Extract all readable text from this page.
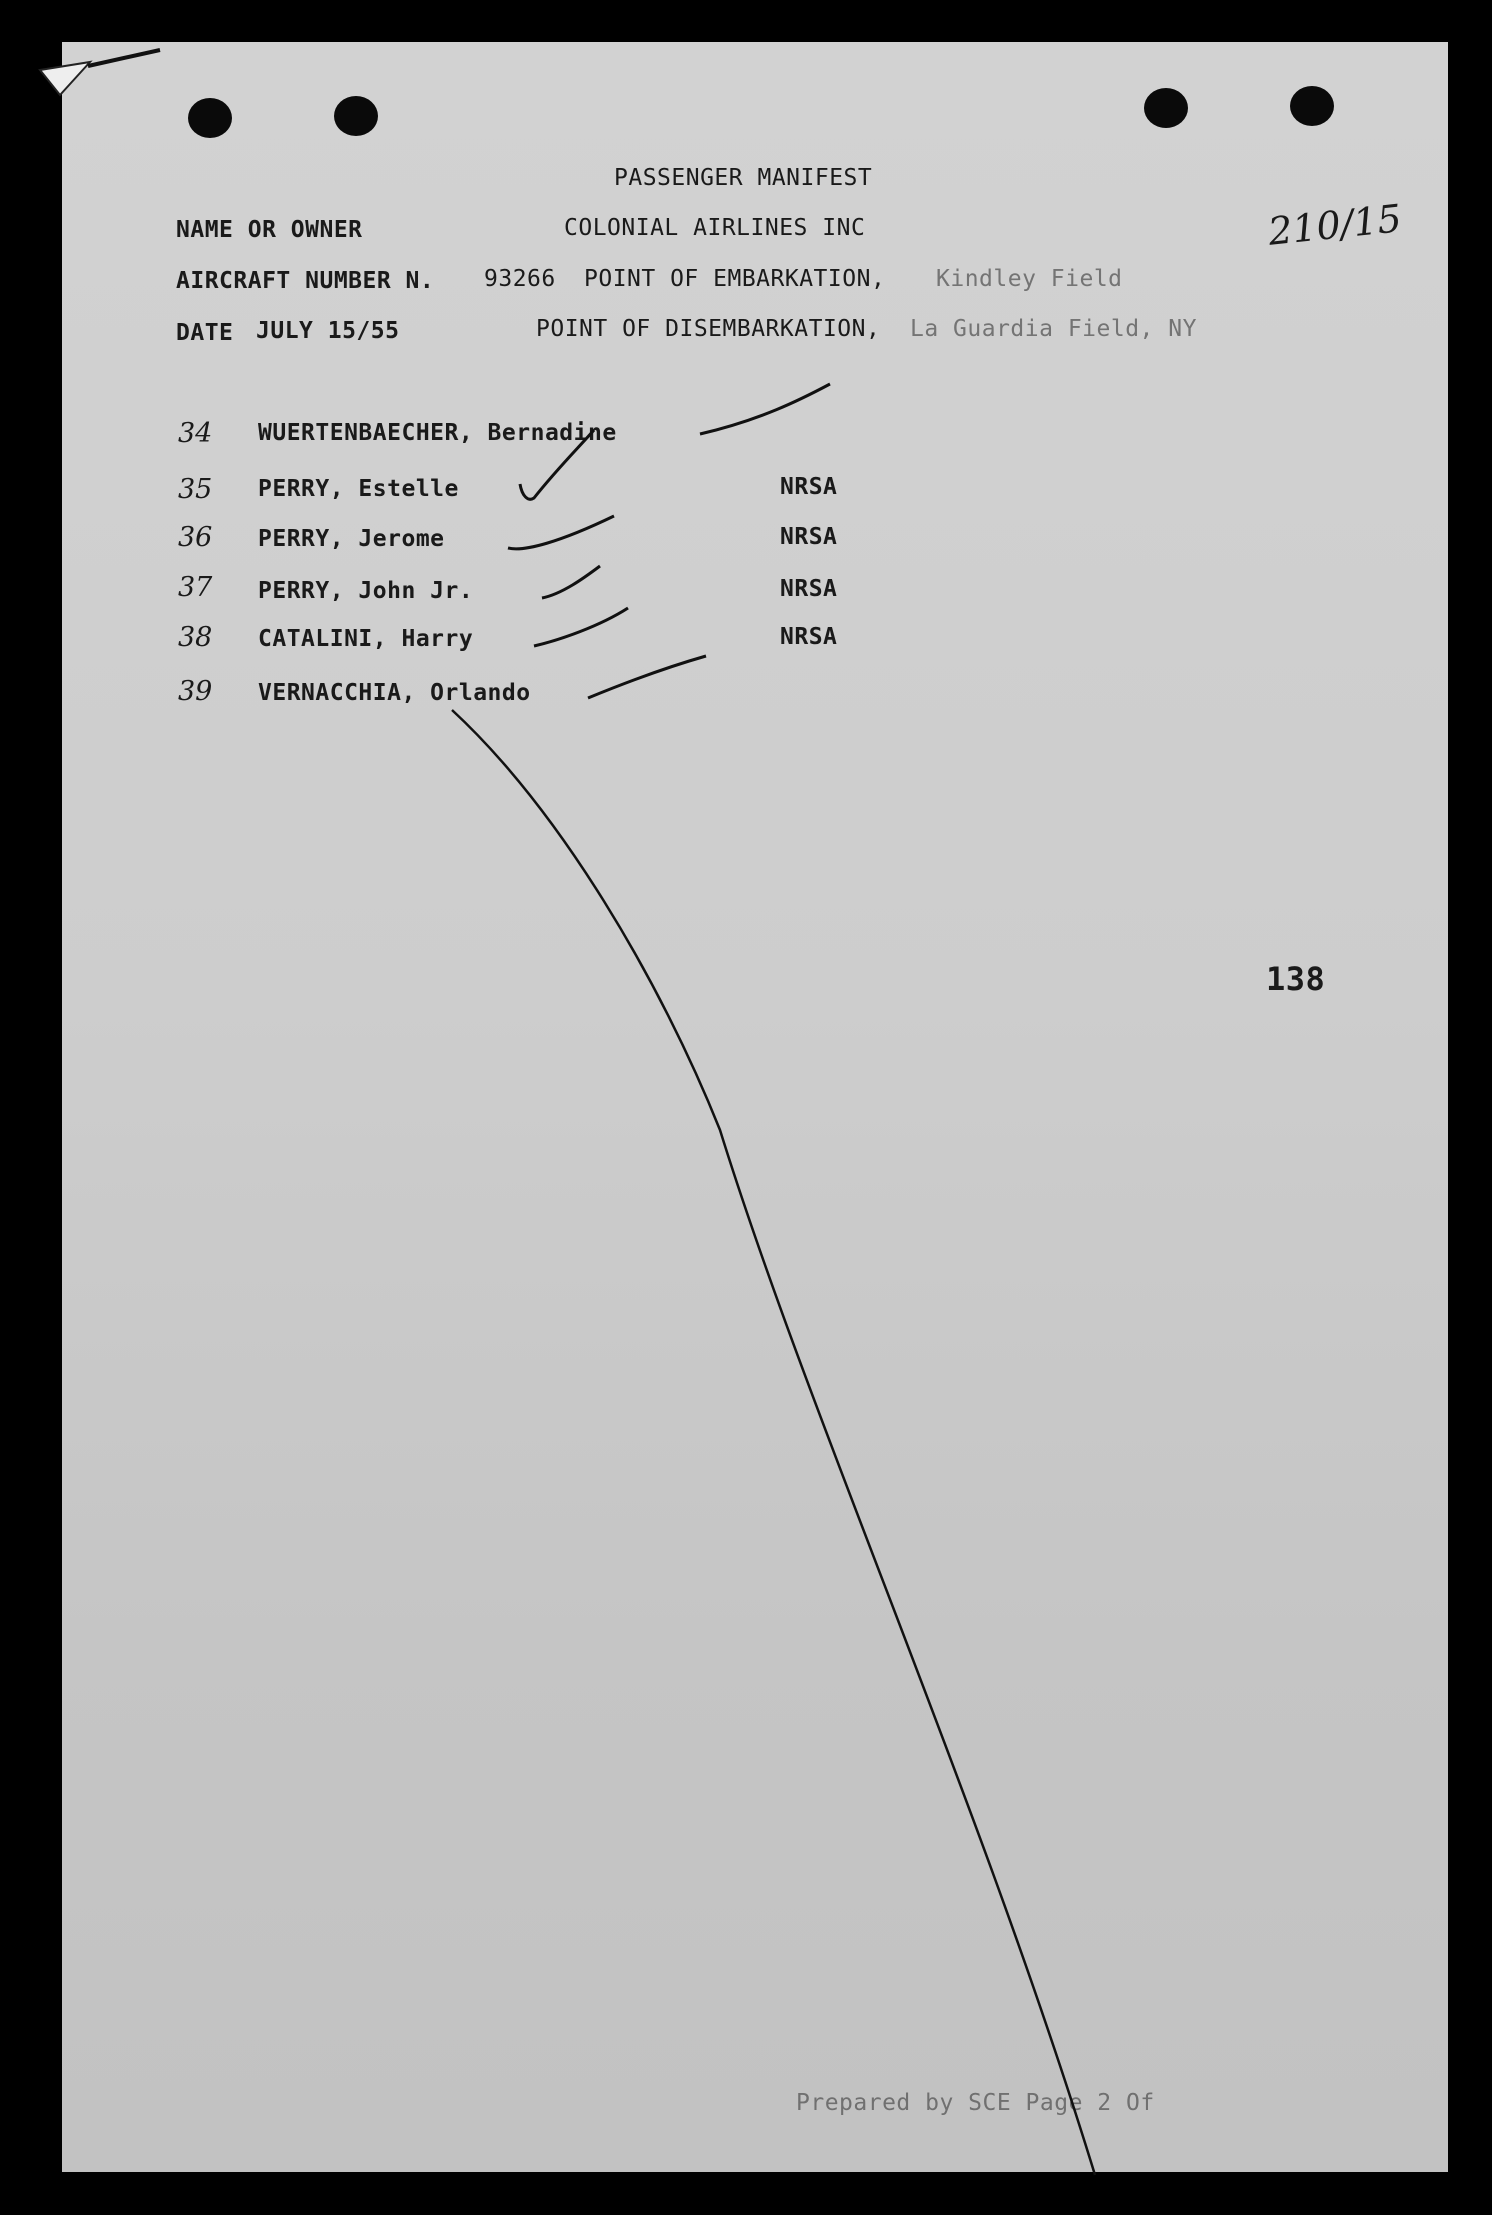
PASSENGER MANIFEST
NAME OR OWNER	COLONIAL AIRLINES INC	210/15
AIRCRAFT NUMBER N. 93266 POINT OF EMBARKATION, Kindley Field
DATE JULY 15/55	POINT OF DISEMBARKATION, La Guardia Field, NY
34 WUERTENBAECHER, Bernadine
35 PERRY, Estelle	NRSA
36 PERRY, Jerome	NRSA
37 PERRY, John Jr.	NRSA
38 CATALINI, Harry	NRSA
39 VERNACCHIA, Orlando
138
Prepared by SCE Page 2 Of
